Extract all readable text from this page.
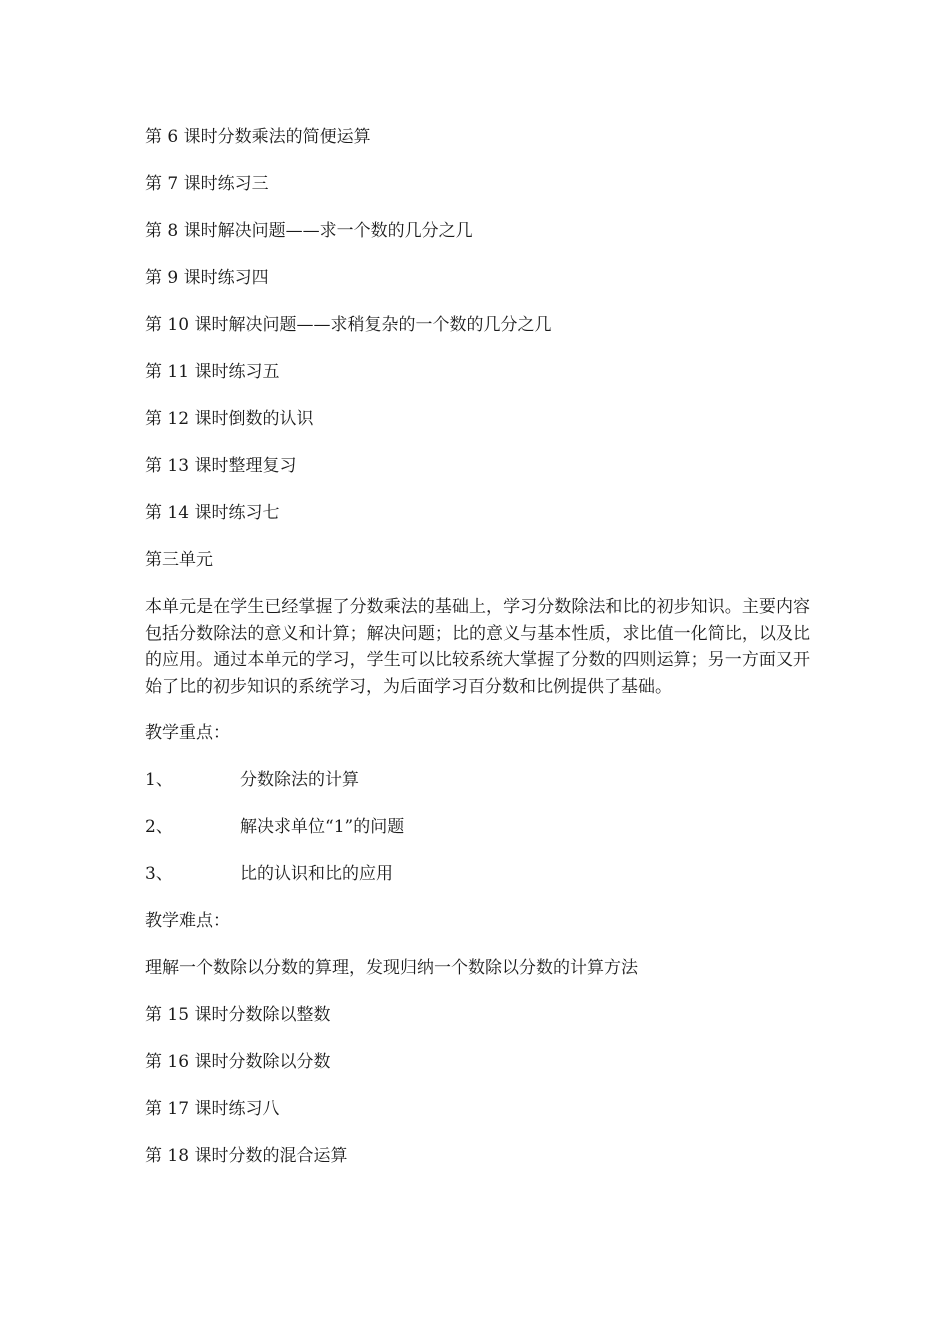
第 6 课时分数乘法的简便运算
第 7 课时练习三
第 8 课时解决问题——求一个数的几分之几
第 9 课时练习四
第 10 课时解决问题——求稍复杂的一个数的几分之几
第 11 课时练习五
第 12 课时倒数的认识
第 13 课时整理复习
第 14 课时练习七
第三单元
本单元是在学生已经掌握了分数乘法的基础上，学习分数除法和比的初步知识。主要内容包括分数除法的意义和计算；解决问题；比的意义与基本性质，求比值一化简比，以及比的应用。通过本单元的学习，学生可以比较系统大掌握了分数的四则运算；另一方面又开始了比的初步知识的系统学习，为后面学习百分数和比例提供了基础。
教学重点：
1、	分数除法的计算
2、	解决求单位“1”的问题
3、	比的认识和比的应用
教学难点：
理解一个数除以分数的算理，发现归纳一个数除以分数的计算方法
第 15 课时分数除以整数
第 16 课时分数除以分数
第 17 课时练习八
第 18 课时分数的混合运算
